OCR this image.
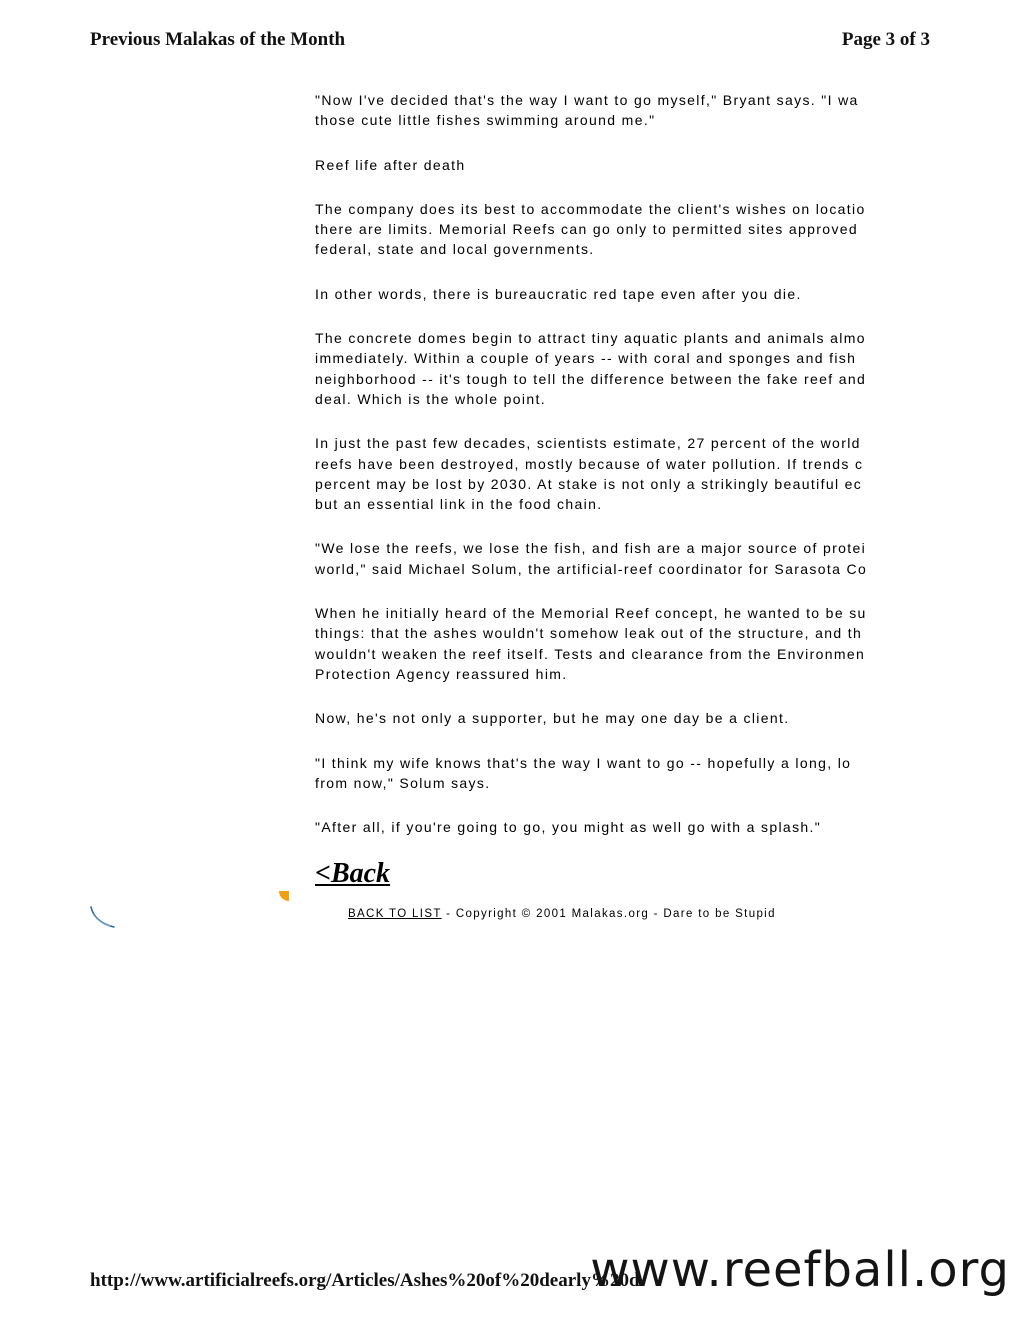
Previous Malakas of the Month	Page 3 of 3

"Now I've decided that's the way I want to go myself," Bryant says. "I wa
those cute little fishes swimming around me."

Reef life after death

The company does its best to accommodate the client's wishes on locatio
there are limits. Memorial Reefs can go only to permitted sites approved
federal, state and local governments.

In other words, there is bureaucratic red tape even after you die.

The concrete domes begin to attract tiny aquatic plants and animals almo
immediately. Within a couple of years -- with coral and sponges and fish
neighborhood -- it's tough to tell the difference between the fake reef and
deal. Which is the whole point.

In just the past few decades, scientists estimate, 27 percent of the world
reefs have been destroyed, mostly because of water pollution. If trends c
percent may be lost by 2030. At stake is not only a strikingly beautiful ec
but an essential link in the food chain.

"We lose the reefs, we lose the fish, and fish are a major source of protei
world," said Michael Solum, the artificial-reef coordinator for Sarasota Co

When he initially heard of the Memorial Reef concept, he wanted to be su
things: that the ashes wouldn't somehow leak out of the structure, and th
wouldn't weaken the reef itself. Tests and clearance from the Environmen
Protection Agency reassured him.

Now, he's not only a supporter, but he may one day be a client.

"I think my wife knows that's the way I want to go -- hopefully a long, lo
from now," Solum says.

"After all, if you're going to go, you might as well go with a splash."

<Back
BACK TO LIST - Copyright © 2001 Malakas.org - Dare to be Stupid
http://www.artificialreefs.org/Articles/Ashes%20of%20dearly%20d
www.reefball.org
